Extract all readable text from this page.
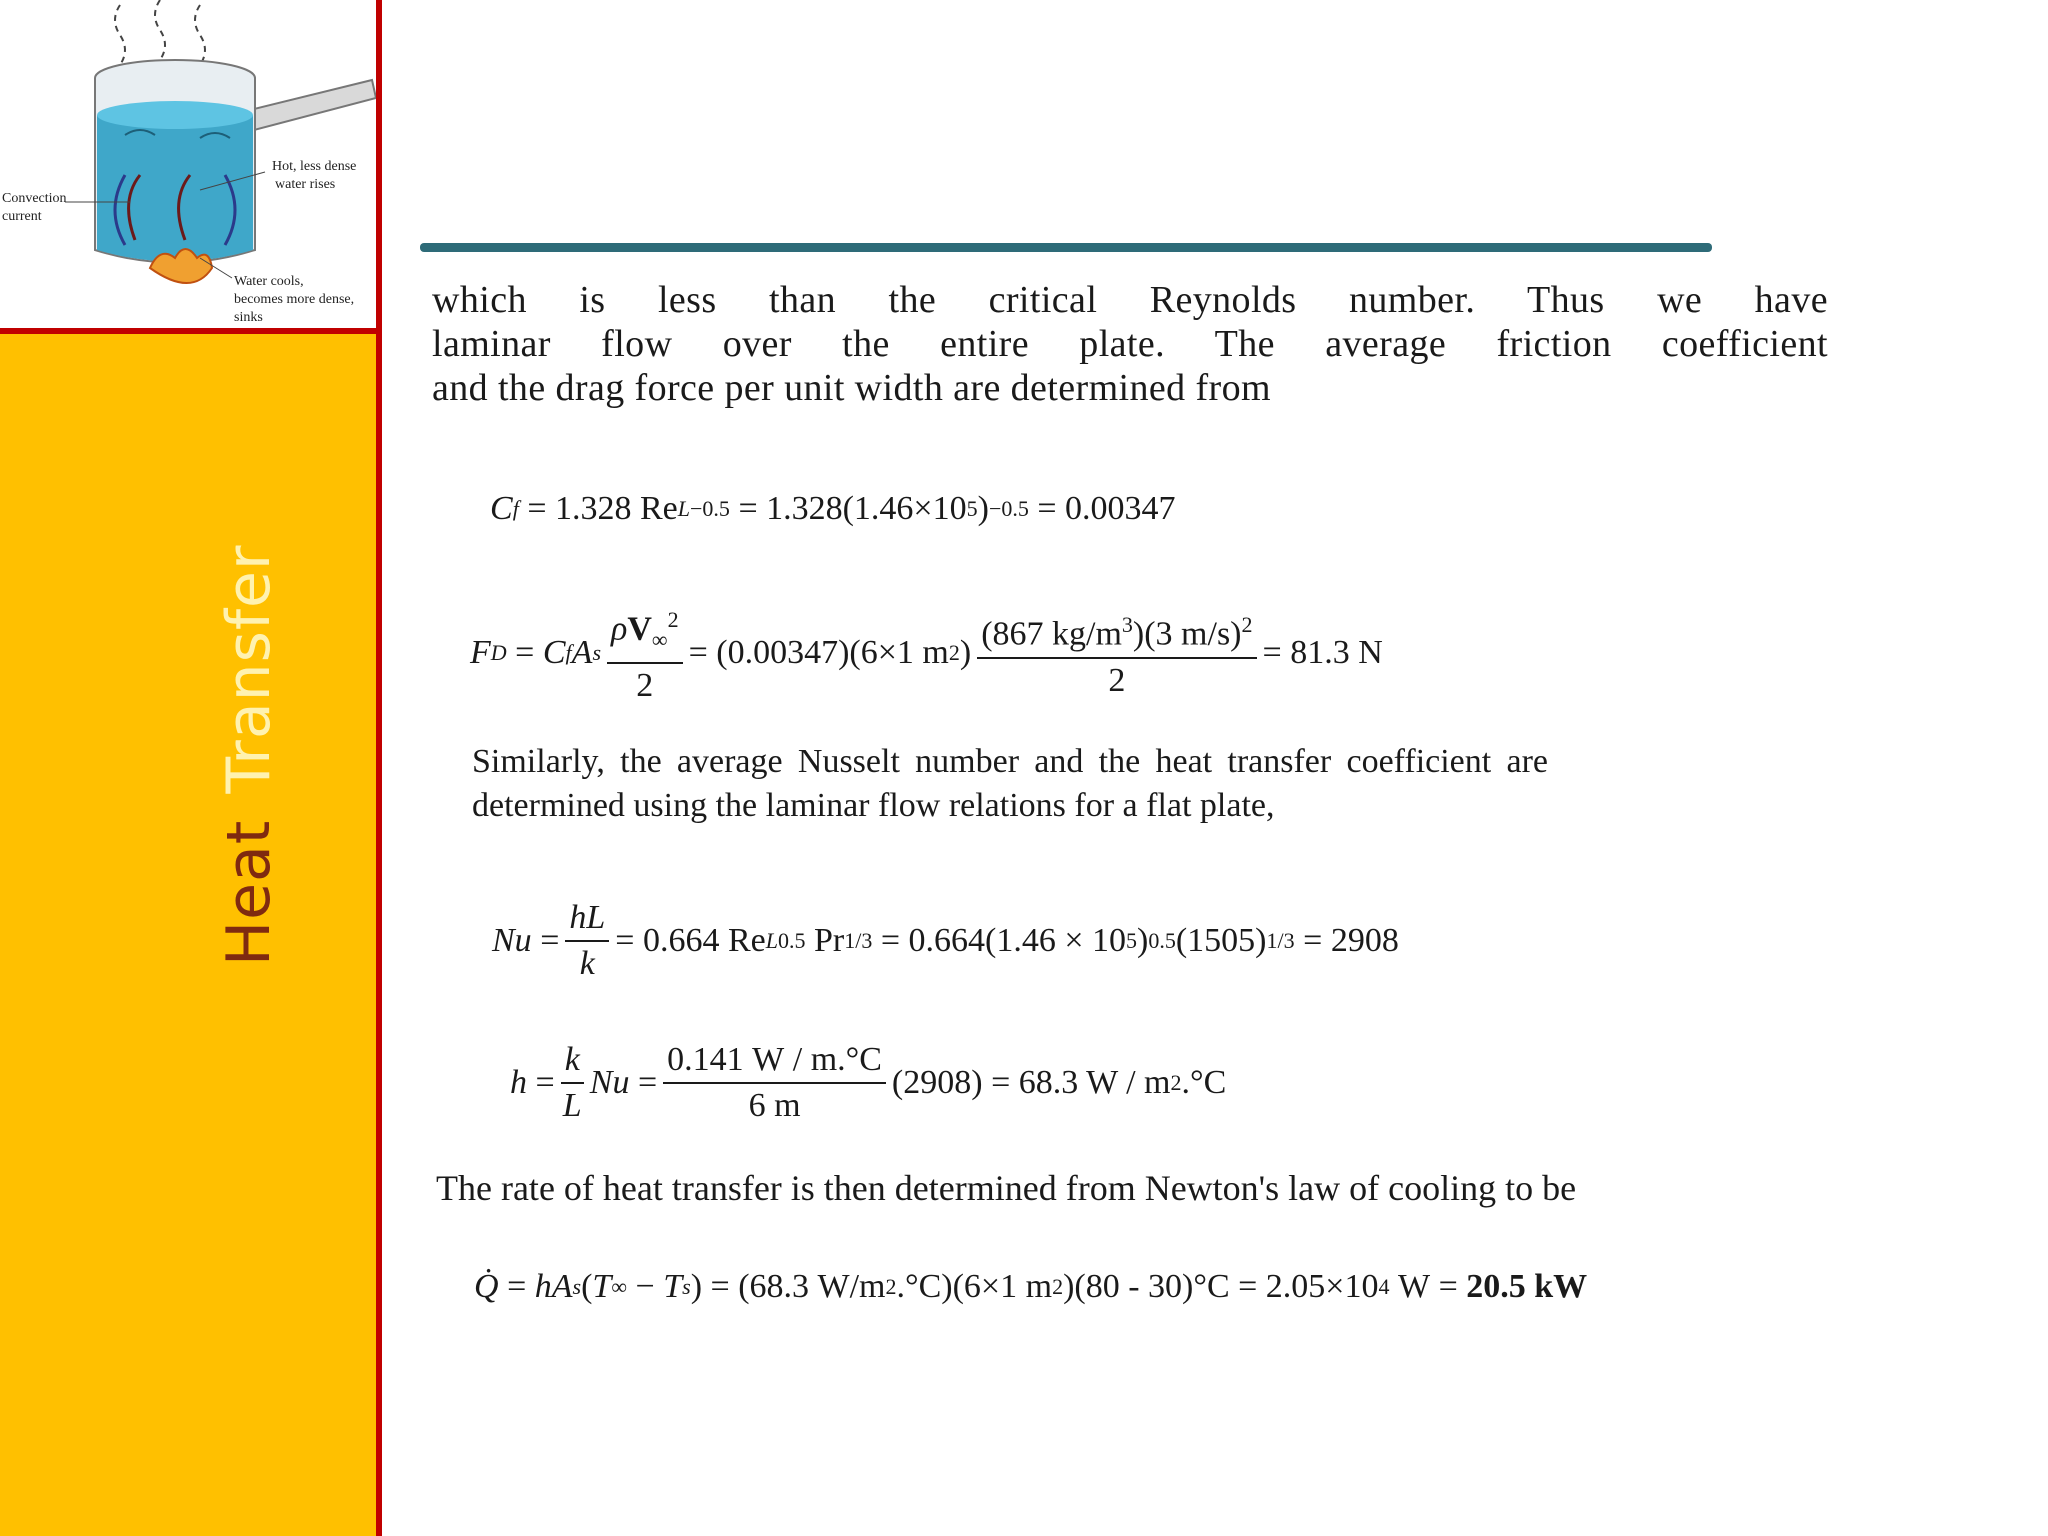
Convection
current
Hot, less dense
water rises
Water cools,
becomes more dense,
sinks
HeatTransfer
which is less than the critical Reynolds number. Thus we have
laminar flow over the entire plate. The average friction coefficient
and the drag force per unit width are determined from
C f = 1.328 Re L −0.5 = 1.328(1.46×10 5 ) −0.5 = 0.00347
F D = C f A s $\frac{\rho V_\infty^2}{2} = (0.00347)(6\times 1$ m 2 ) $\frac{(867 kg/m^3)(3 m/s)^2}{2} = 81.3$ N
Similarly, the average Nusselt number and the heat transfer coefficient are determined using the laminar flow relations for a flat plate,
$Nu = \frac{hL}{k} = 0.664$ Re L 0.5 Pr 1/3 = 0.664(1.46 × 10 5 ) 0.5 (1505) 1/3 = 2908
$h = \frac{k}{L}$ $Nu = \frac{0.141 W / m.^\circ C}{6 m} (2908) = 68.3$ W / m 2 .°C
The rate of heat transfer is then determined from Newton's law of cooling to be
Q̇ = hA s ( T ∞ − T s ) = (68.3 W/m 2 .°C)(6×1 m 2 )(80 - 30)°C = 2.05×10 4 W = 20.5 kW
